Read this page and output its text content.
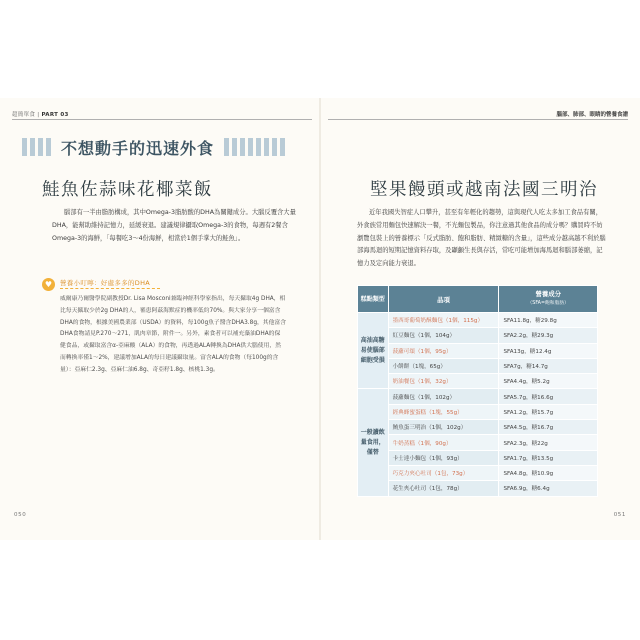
超簡單食 | PART 03	腦部、肺部、眼睛的營養食譜
不想動手的迅速外食
鮭魚佐蒜味花椰菜飯
腦部有一半由脂肪構成，其中Omega-3脂肪酸的DHA為關鍵成分。大腦反覆含大量DHA，能幫助維持記憶力，延緩衰退。建議規律攝取Omega-3的食物，每週有2餐含Omega-3的海鮮，「每餐吃3～4份海鮮，相當於1個手掌大的鮭魚」。
♥	營養小叮嚀：好處多多的DHA
威爾康乃爾醫學院副教授Dr. Lisa Mosconi兼臨神經科學家指出，每天攝取4g DHA，相比每天攝取少於2g DHA的人，罹患阿茲海默症的機率低約70%。與大家分享一個富含DHA的食物，根據美國農業部（USDA）的資料，每100g魚子醬含DHA3.8g，其他富含DHA食物請見P.270～271，肌肉章節，附件一。另外，素食者可以補充藻油DHA的保健食品，或攝取富含α-亞麻酸（ALA）的食物，再透過ALA轉換為DHA供大腦使用，然而轉換率僅1～2%，建議增加ALA的每日建議攝取量。富含ALA的食物（每100g的含量）：亞麻仁2.3g、亞麻仁油6.8g、奇亞籽1.8g、核桃1.3g。
050
堅果饅頭或越南法國三明治
近年我國失智症人口攀升，甚至有年輕化的趨勢，這與現代人吃太多加工食品有關，外食族常用麵包快速解決一餐，不光麵包製品，你注意過其他食品的成分嗎？購買時不妨瀏覽包裝上的營養標示「反式脂肪、飽和脂肪、精緻糖的含量」，這些成分越高越不利於腦部海馬迴的短期記憶資料存取，及顳顱生長與存活，常吃可能增加海馬迴和腦部萎縮，記憶力及定向能力衰退。
糕點類型	品項	營養成分
（SFA=飽和脂肪）

高油高糖易使腦部細胞受損	墨西哥葡萄奶酥麵包（1個，115g）	SFA11.8g，糖29.8g
	紅豆麵包（1個，104g）	SFA2.2g，糖29.3g
	菠蘿可頌（1個，95g）	SFA13g，糖12.4g
	小餅餅（1塊，65g）	SFA7g，糖14.7g
	奶油餐包（1個，32g）	SFA4.4g，糖5.2g
一般讀飲量食用，僅替	菠蘿麵包（1個，102g）	SFA5.7g，糖16.6g
	經典蜂蜜蛋糕（1塊，55g）	SFA1.2g，糖15.7g
	鮪魚蛋三明治（1個，102g）	SFA4.5g，糖16.7g
	牛奶蒸糕（1個，90g）	SFA2.3g，糖22g
	卡士達小麵包（1個，93g）	SFA1.7g，糖13.5g
	巧克力夾心吐司（1包，73g）	SFA4.8g，糖10.9g
	花生夾心吐司（1包，78g）	SFA6.9g，糖6.4g
051
